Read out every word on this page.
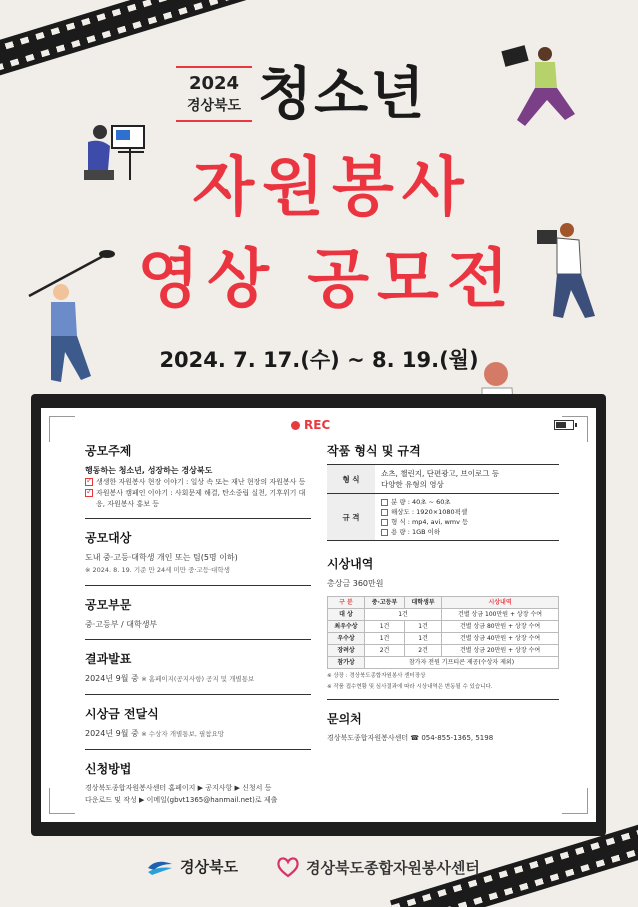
2024
경상북도 청소년
자원봉사
영상 공모전
2024. 7. 17.(수) ~ 8. 19.(월)
REC
공모주제

행동하는 청소년, 성장하는 경상북도

✓
생생한 자원봉사 현장 이야기 : 일상 속 또는 재난 현장의 자원봉사 등
✓
자원봉사 캠페인 이야기 : 사회문제 해결, 탄소중립 실천, 기후위기 대응, 자원봉사 홍보 등
공모대상

도내 중·고등·대학생 개인 또는 팀(5명 이하)

※ 2024. 8. 19. 기준 만 24세 미만 중·고등·대학생

공모부문

중·고등부 / 대학생부

결과발표

2024년 9월 중 ※ 홈페이지(공지사항) 공지 및 개별통보

시상금 전달식

2024년 9월 중 ※ 수상자 개별통보, 필참요망

신청방법

경상북도종합자원봉사센터 홈페이지 ▶ 공지사항 ▶ 신청서 등

다운로드 및 작성 ▶ 이메일(gbvt1365@hanmail.net)로 제출

작품 형식 및 규격
형 식	쇼츠, 챌린지, 단편광고, 브이로그 등
다양한 유형의 영상

규 격	분 량 : 40초 ~ 60초
해상도 : 1920×1080픽셀
형 식 : mp4, avi, wmv 등
용 량 : 1GB 이하
시상내역

총상금 360만원

구 분	중·고등부	대학생부	시상내역
대 상	1건		건별 상금 100만원 + 상장 수여
최우수상	1건	1건	건별 상금 80만원 + 상장 수여
우수상	1건	1건	건별 상금 40만원 + 상장 수여
장려상	2건	2건	건별 상금 20만원 + 상장 수여
참가상	참가자 전원 기프티콘 제공(수상자 제외)		
※ 상장 : 경상북도종합자원봉사 센터장상
※ 작품 접수현황 및 심사결과에 따라 시상내역은 변동될 수 있습니다.
문의처

경상북도종합자원봉사센터 ☎ 054-855-1365, 5198

경상북도	경상북도종합자원봉사센터
